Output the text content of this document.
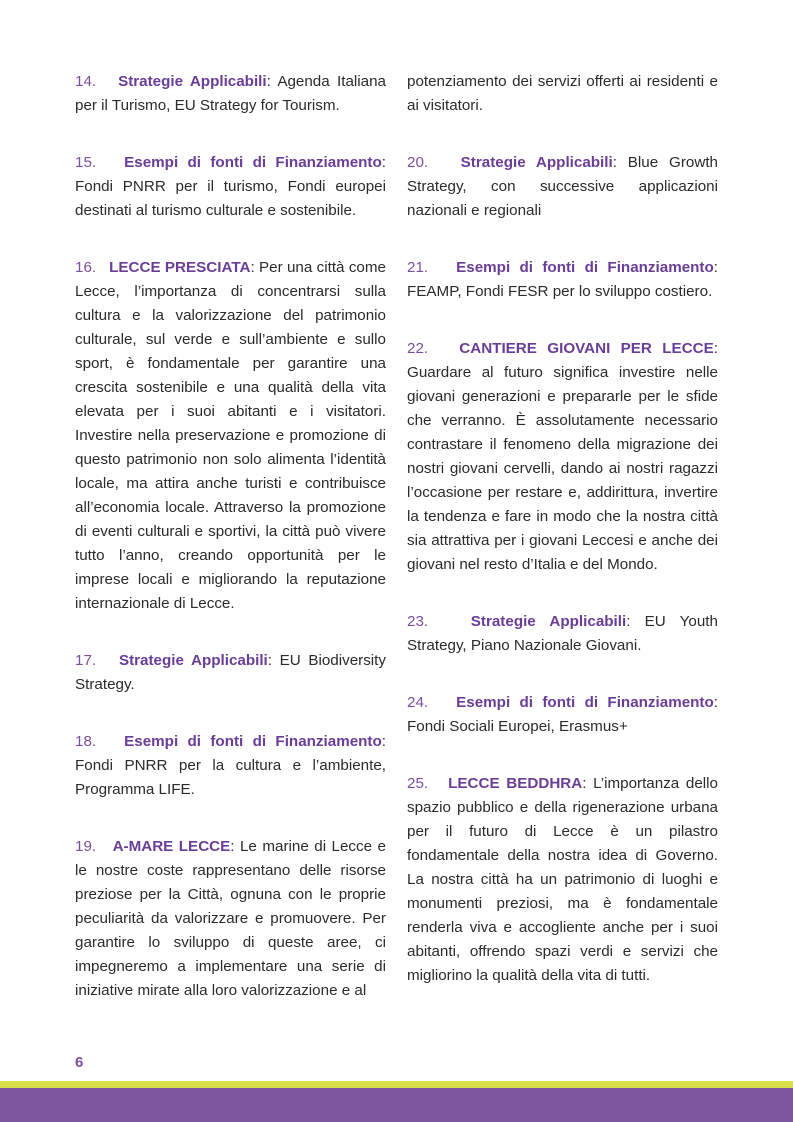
14. Strategie Applicabili: Agenda Italiana per il Turismo, EU Strategy for Tourism.

15. Esempi di fonti di Finanziamento: Fondi PNRR per il turismo, Fondi europei destinati al turismo culturale e sostenibile.

16. LECCE PRESCIATA: Per una città come Lecce, l’importanza di concentrarsi sulla cultura e la valorizzazione del patrimonio culturale, sul verde e sull’ambiente e sullo sport, è fondamentale per garantire una crescita sostenibile e una qualità della vita elevata per i suoi abitanti e i visitatori. Investire nella preservazione e promozione di questo patrimonio non solo alimenta l’identità locale, ma attira anche turisti e contribuisce all’economia locale. Attraverso la promozione di eventi culturali e sportivi, la città può vivere tutto l’anno, creando opportunità per le imprese locali e migliorando la reputazione internazionale di Lecce.

17. Strategie Applicabili: EU Biodiversity Strategy.

18. Esempi di fonti di Finanziamento: Fondi PNRR per la cultura e l’ambiente, Programma LIFE.

19. A-MARE LECCE: Le marine di Lecce e le nostre coste rappresentano delle risorse preziose per la Città, ognuna con le proprie peculiarità da valorizzare e promuovere. Per garantire lo sviluppo di queste aree, ci impegneremo a implementare una serie di iniziative mirate alla loro valorizzazione e al

potenziamento dei servizi offerti ai residenti e ai visitatori.

20. Strategie Applicabili: Blue Growth Strategy, con successive applicazioni nazionali e regionali

21. Esempi di fonti di Finanziamento: FEAMP, Fondi FESR per lo sviluppo costiero.

22. CANTIERE GIOVANI PER LECCE: Guardare al futuro significa investire nelle giovani generazioni e prepararle per le sfide che verranno. È assolutamente necessario contrastare il fenomeno della migrazione dei nostri giovani cervelli, dando ai nostri ragazzi l’occasione per restare e, addirittura, invertire la tendenza e fare in modo che la nostra città sia attrattiva per i giovani Leccesi e anche dei giovani nel resto d’Italia e del Mondo.

23.	Strategie Applicabili: EU Youth Strategy, Piano Nazionale Giovani.

24. Esempi di fonti di Finanziamento: Fondi Sociali Europei, Erasmus+

25. LECCE BEDDHRA: L’importanza dello spazio pubblico e della rigenerazione urbana per il futuro di Lecce è un pilastro fondamentale della nostra idea di Governo. La nostra città ha un patrimonio di luoghi e monumenti preziosi, ma è fondamentale renderla viva e accogliente anche per i suoi abitanti, offrendo spazi verdi e servizi che migliorino la qualità della vita di tutti.

6
